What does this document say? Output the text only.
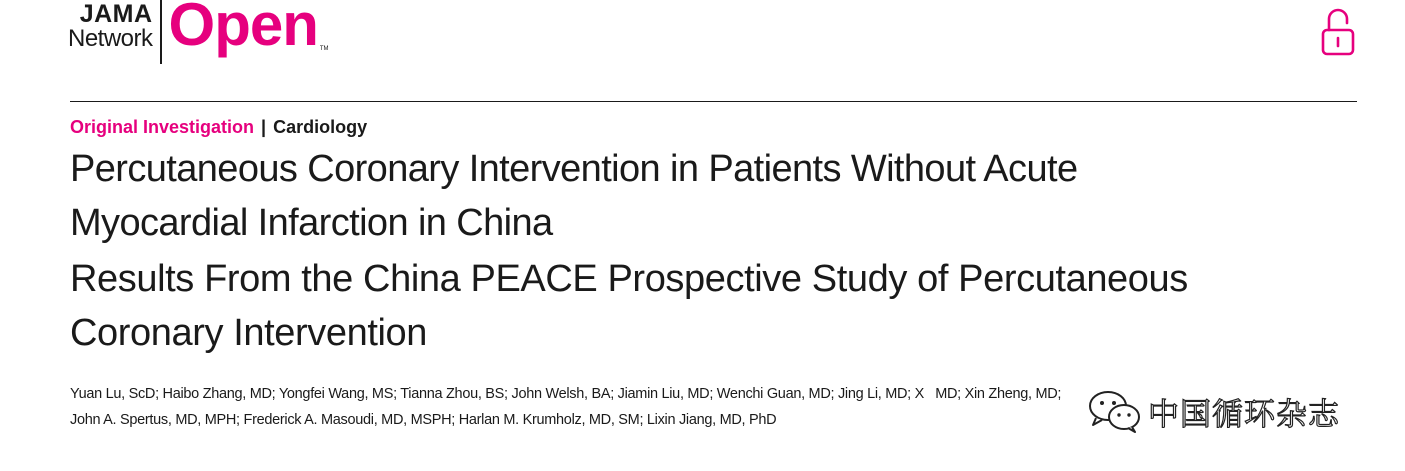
JAMA
Network Open TM
Original Investigation | Cardiology
Percutaneous Coronary Intervention in Patients Without Acute
Myocardial Infarction in China
Results From the China PEACE Prospective Study of Percutaneous
Coronary Intervention
Yuan Lu, ScD; Haibo Zhang, MD; Yongfei Wang, MS; Tianna Zhou, BS; John Welsh, BA; Jiamin Liu, MD; Wenchi Guan, MD; Jing Li, MD; X   MD; Xin Zheng, MD;
John A. Spertus, MD, MPH; Frederick A. Masoudi, MD, MSPH; Harlan M. Krumholz, MD, SM; Lixin Jiang, MD, PhD	中国循环杂志
